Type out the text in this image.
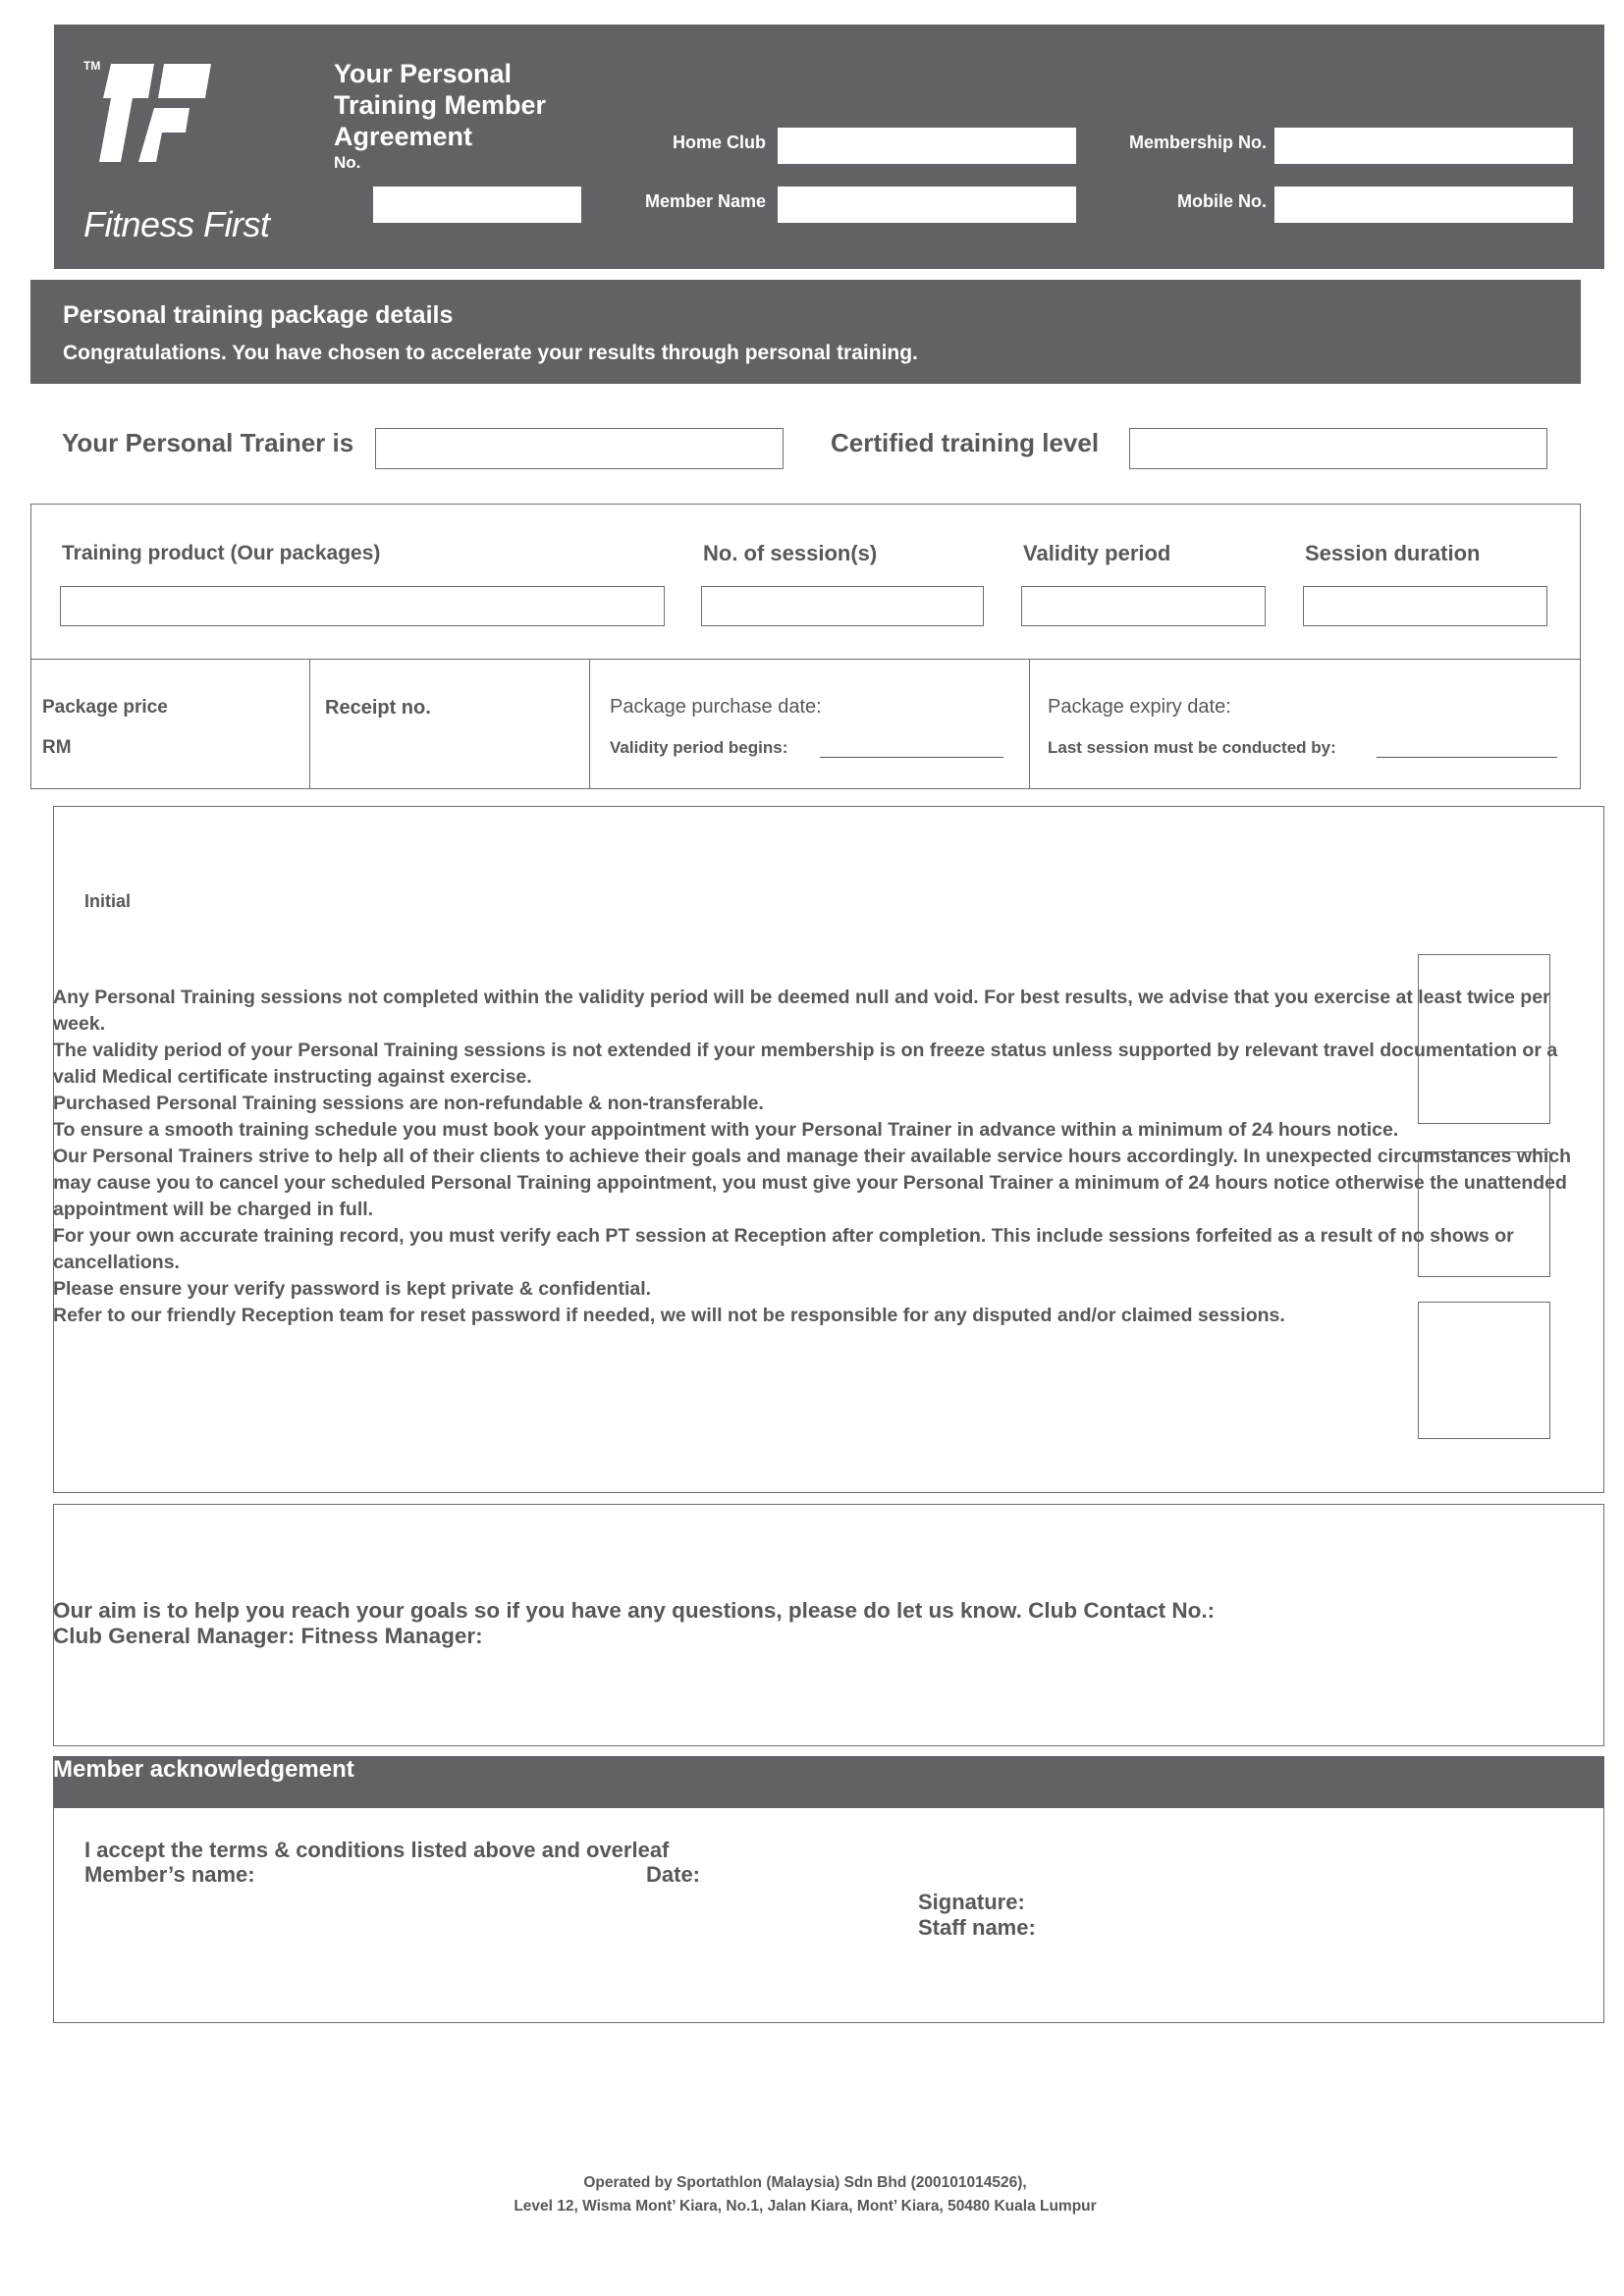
TM
Fitness First
Your Personal
Training Member
Agreement
No.
Home Club
Member Name
Membership No.
Mobile No.
Personal training package details
Congratulations. You have chosen to accelerate your results through personal training.
Your Personal Trainer is	Certified training level
Training product (Our packages)	No. of session(s)	Validity period	Session duration
Package price
RM
Receipt no.	Package purchase date:
Validity period begins:
Package expiry date:
Last session must be conducted by:
Initial

Any Personal Training sessions not completed within the validity period will be deemed null and void. For best results, we advise that you exercise at least twice per week.

The validity period of your Personal Training sessions is not extended if your membership is on freeze status unless supported by relevant travel documentation or a valid Medical certificate instructing against exercise.

Purchased Personal Training sessions are non-refundable & non-transferable.

To ensure a smooth training schedule you must book your appointment with your Personal Trainer in advance within a minimum of 24 hours notice.

Our Personal Trainers strive to help all of their clients to achieve their goals and manage their available service hours accordingly. In unexpected circumstances which may cause you to cancel your scheduled Personal Training appointment, you must give your Personal Trainer a minimum of 24 hours notice otherwise the unattended appointment will be charged in full.

For your own accurate training record, you must verify each PT session at Reception after completion. This include sessions forfeited as a result of no shows or cancellations.

Please ensure your verify password is kept private & confidential.

Refer to our friendly Reception team for reset password if needed, we will not be responsible for any disputed and/or claimed sessions.

Our aim is to help you reach your goals so if you have any questions, please do let us know. Club Contact No.:
Club General Manager: Fitness Manager:
Member acknowledgement
I accept the terms & conditions listed above and overleaf
Member’s name:	Date:
Signature:
Staff name:
Operated by Sportathlon (Malaysia) Sdn Bhd (200101014526),
Level 12, Wisma Mont’ Kiara, No.1, Jalan Kiara, Mont’ Kiara, 50480 Kuala Lumpur
